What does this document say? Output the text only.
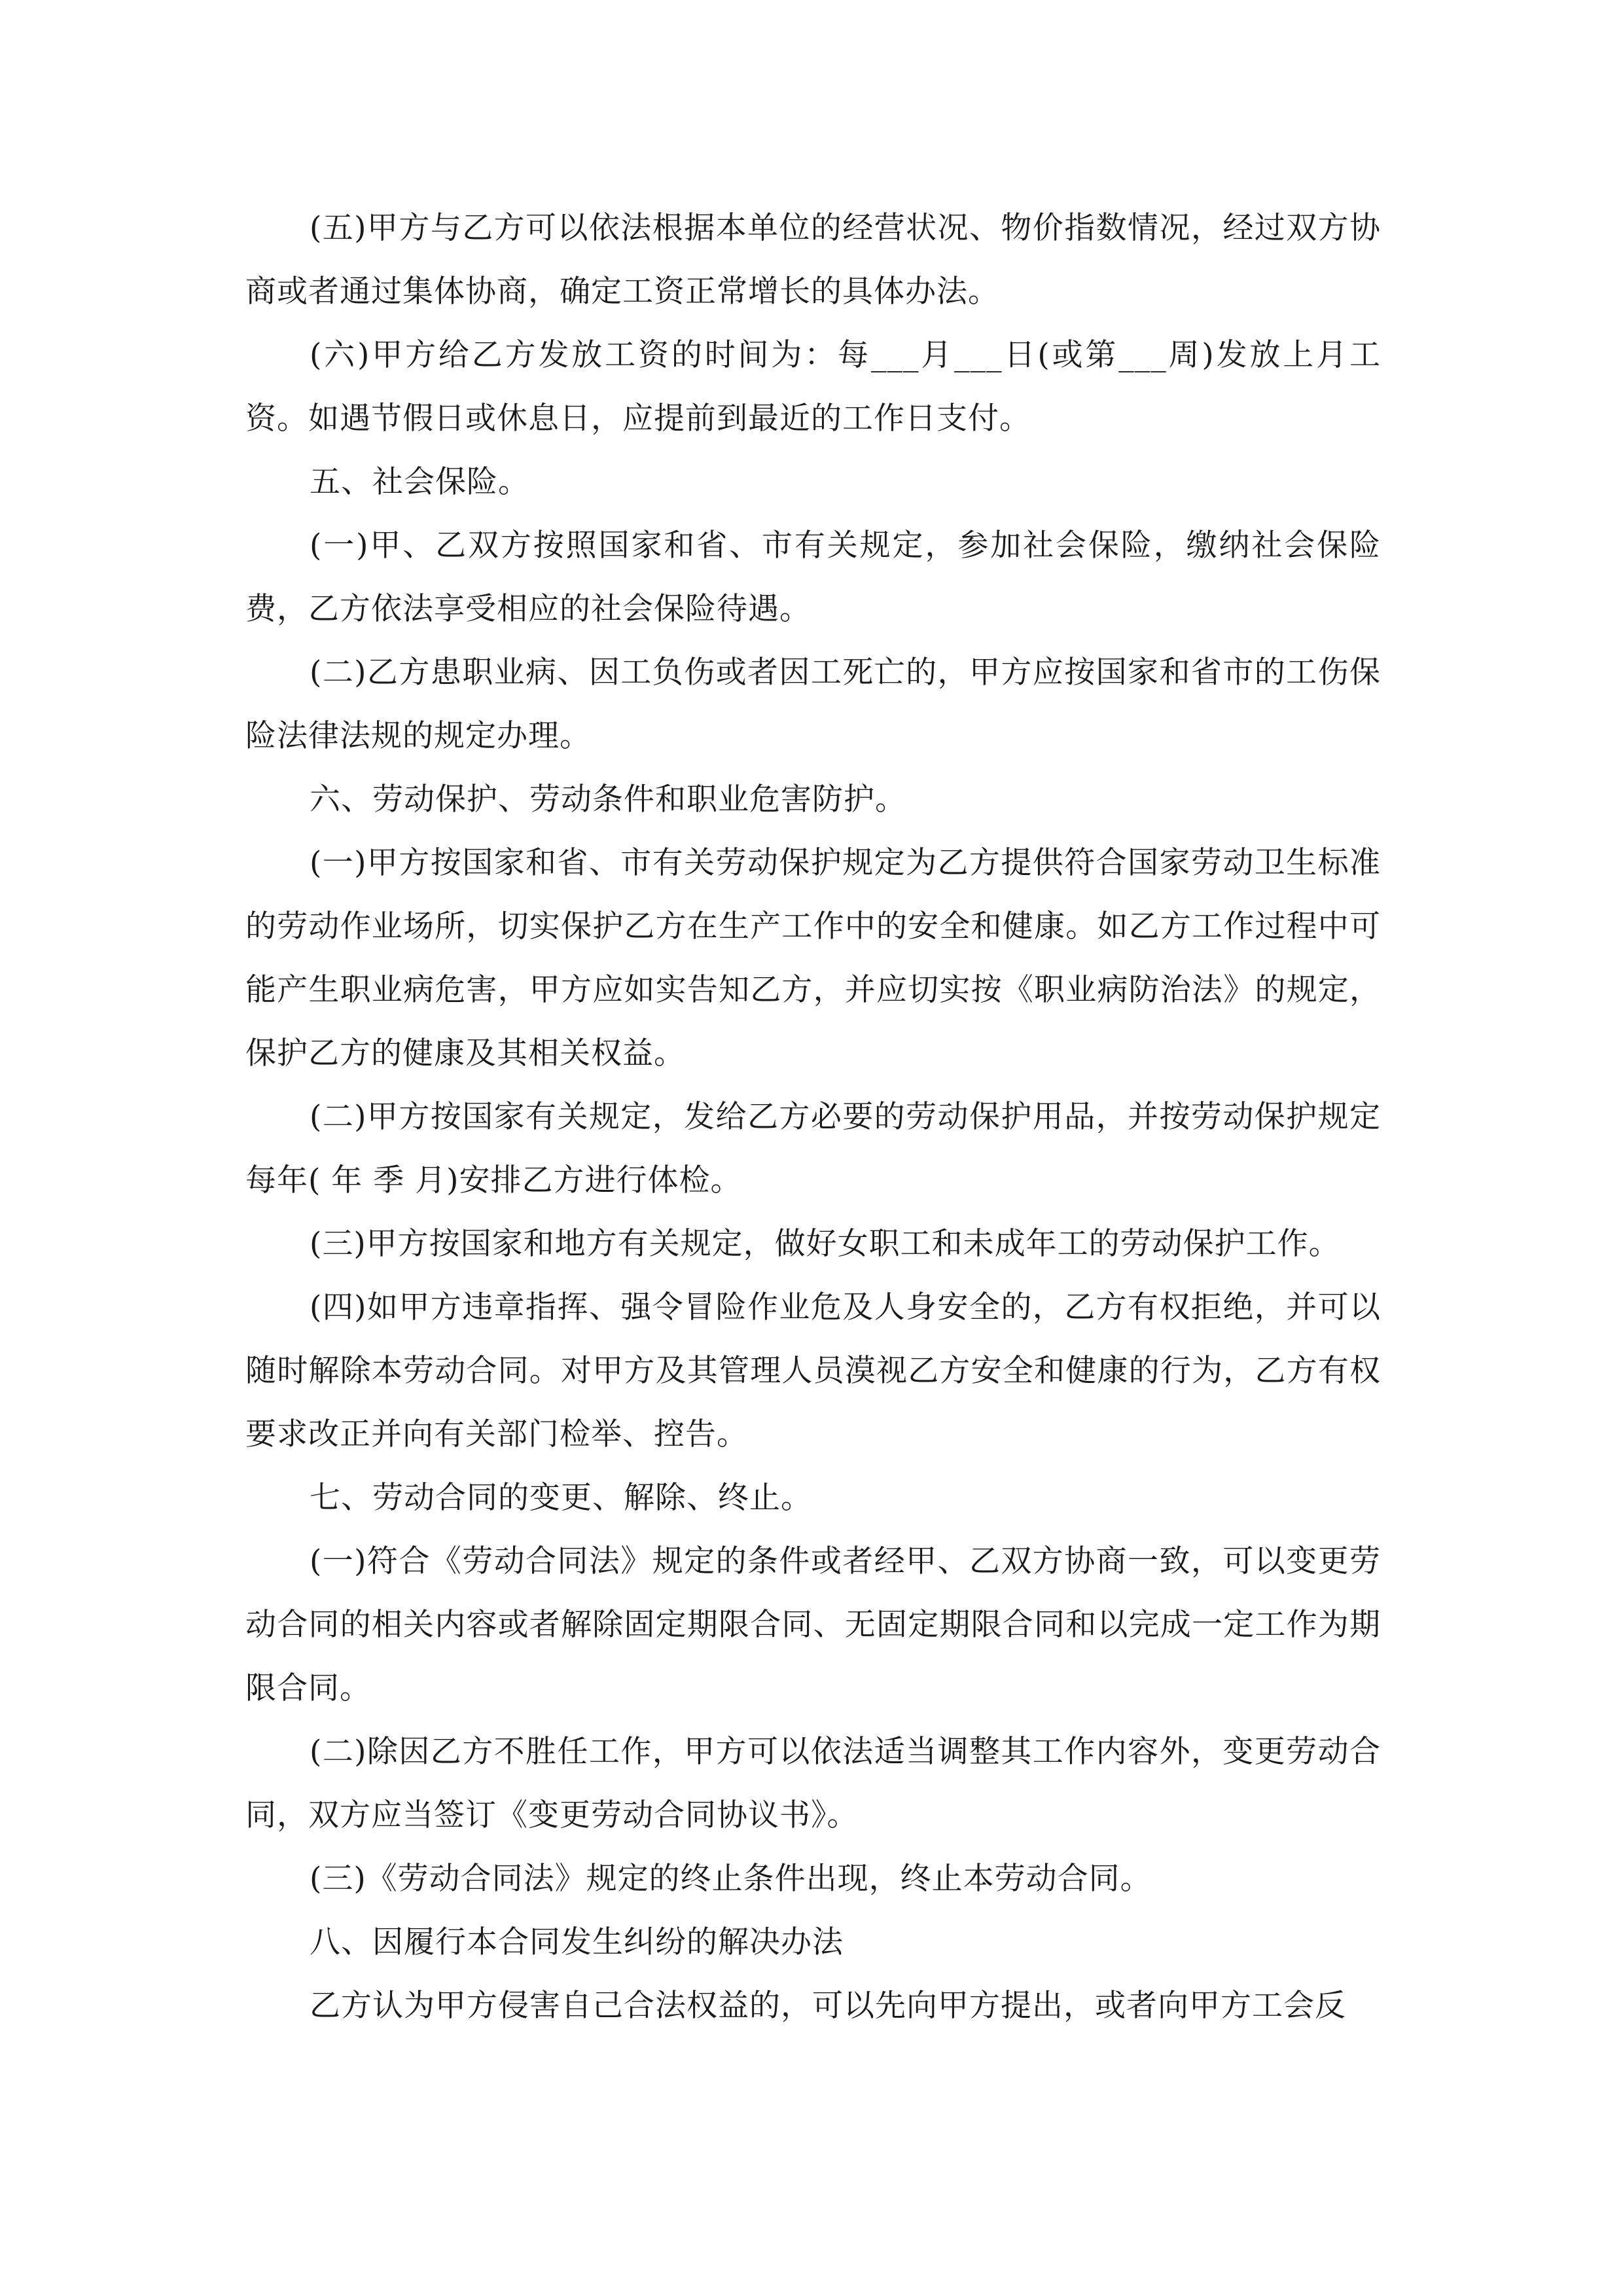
(五)甲方与乙方可以依法根据本单位的经营状况、物价指数情况，经过双方协商或者通过集体协商，确定工资正常增长的具体办法。

(六)甲方给乙方发放工资的时间为：每___月___日(或第___周)发放上月工资。如遇节假日或休息日，应提前到最近的工作日支付。

五、社会保险。

(一)甲、乙双方按照国家和省、市有关规定，参加社会保险，缴纳社会保险费，乙方依法享受相应的社会保险待遇。

(二)乙方患职业病、因工负伤或者因工死亡的，甲方应按国家和省市的工伤保险法律法规的规定办理。

六、劳动保护、劳动条件和职业危害防护。

(一)甲方按国家和省、市有关劳动保护规定为乙方提供符合国家劳动卫生标准的劳动作业场所，切实保护乙方在生产工作中的安全和健康。如乙方工作过程中可能产生职业病危害，甲方应如实告知乙方，并应切实按《职业病防治法》的规定，保护乙方的健康及其相关权益。

(二)甲方按国家有关规定，发给乙方必要的劳动保护用品，并按劳动保护规定每年( 年 季 月)安排乙方进行体检。

(三)甲方按国家和地方有关规定，做好女职工和未成年工的劳动保护工作。

(四)如甲方违章指挥、强令冒险作业危及人身安全的，乙方有权拒绝，并可以随时解除本劳动合同。对甲方及其管理人员漠视乙方安全和健康的行为，乙方有权要求改正并向有关部门检举、控告。

七、劳动合同的变更、解除、终止。

(一)符合《劳动合同法》规定的条件或者经甲、乙双方协商一致，可以变更劳动合同的相关内容或者解除固定期限合同、无固定期限合同和以完成一定工作为期限合同。

(二)除因乙方不胜任工作，甲方可以依法适当调整其工作内容外，变更劳动合同，双方应当签订《变更劳动合同协议书》。

(三)《劳动合同法》规定的终止条件出现，终止本劳动合同。

八、因履行本合同发生纠纷的解决办法

乙方认为甲方侵害自己合法权益的，可以先向甲方提出，或者向甲方工会反
